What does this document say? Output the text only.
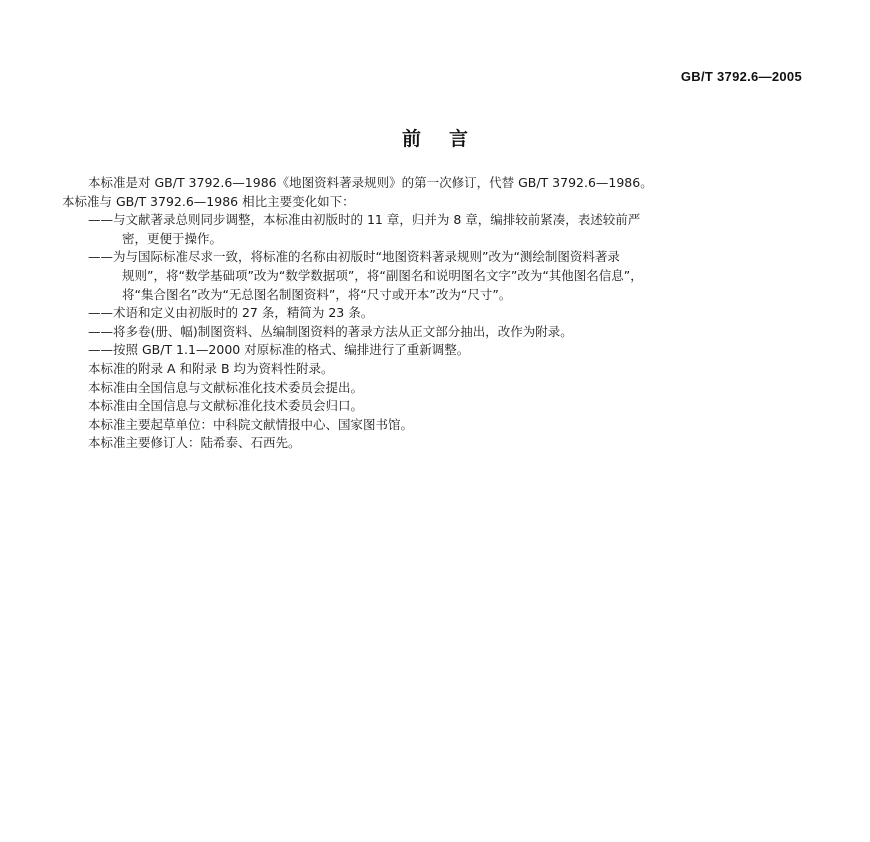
GB/T 3792.6—2005
前言

本标准是对 GB/T 3792.6—1986《地图资料著录规则》的第一次修订，代替 GB/T 3792.6—1986。

本标准与 GB/T 3792.6—1986 相比主要变化如下：

——与文献著录总则同步调整，本标准由初版时的 11 章，归并为 8 章，编排较前紧凑，表述较前严

密，更便于操作。

——为与国际标准尽求一致，将标准的名称由初版时“地图资料著录规则”改为“测绘制图资料著录

规则”，将“数学基础项”改为“数学数据项”，将“副图名和说明图名文字”改为“其他图名信息”，

将“集合图名”改为“无总图名制图资料”，将“尺寸或开本”改为“尺寸”。

——术语和定义由初版时的 27 条，精简为 23 条。

——将多卷(册、幅)制图资料、丛编制图资料的著录方法从正文部分抽出，改作为附录。

——按照 GB/T 1.1—2000 对原标准的格式、编排进行了重新调整。

本标准的附录 A 和附录 B 均为资料性附录。

本标准由全国信息与文献标准化技术委员会提出。

本标准由全国信息与文献标准化技术委员会归口。

本标准主要起草单位：中科院文献情报中心、国家图书馆。

本标准主要修订人：陆希泰、石西先。
